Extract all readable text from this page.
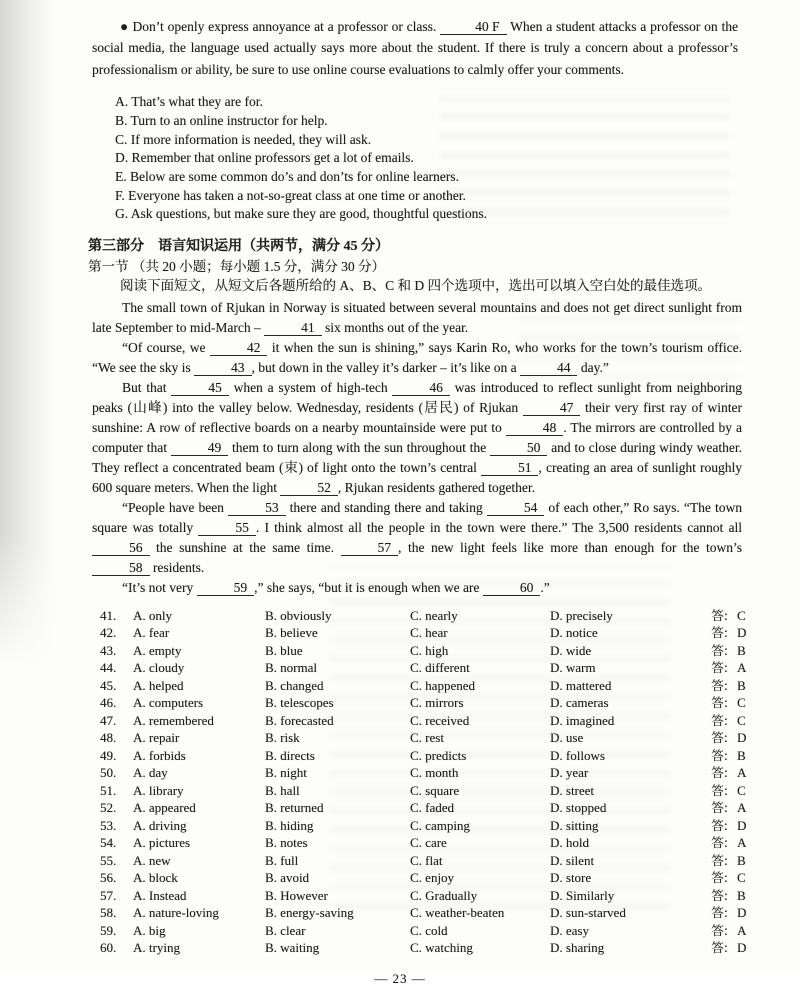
● Don’t openly express annoyance at a professor or class.	40 F When a student attacks a professor on the social media, the language used actually says more about the student. If there is truly a concern about a professor’s professionalism or ability, be sure to use online course evaluations to calmly offer your comments.

A. That’s what they are for.
B. Turn to an online instructor for help.
C. If more information is needed, they will ask.
D. Remember that online professors get a lot of emails.
E. Below are some common do’s and don’ts for online learners.
F. Everyone has taken a not-so-great class at one time or another.
G. Ask questions, but make sure they are good, thoughtful questions.
第三部分　语言知识运用（共两节，满分 45 分）
第一节 （共 20 小题；每小题 1.5 分，满分 30 分）
阅读下面短文，从短文后各题所给的 A、B、C 和 D 四个选项中，选出可以填入空白处的最佳选项。

The small town of Rjukan in Norway is situated between several mountains and does not get direct sunlight from late September to mid-March –	41 six months out of the year.

“Of course, we	42 it when the sun is shining,” says Karin Ro, who works for the town’s tourism office. “We see the sky is	43 , but down in the valley it’s darker – it’s like on a	44 day.”

But that	45 when a system of high-tech	46 was introduced to reflect sunlight from neighboring peaks (山峰) into the valley below. Wednesday, residents (居民) of Rjukan	47 their very first ray of winter sunshine: A row of reflective boards on a nearby mountainside were put to	48 . The mirrors are controlled by a computer that	49 them to turn along with the sun throughout the	50 and to close during windy weather. They reflect a concentrated beam (束) of light onto the town’s central	51 , creating an area of sunlight roughly 600 square meters. When the light	52 , Rjukan residents gathered together.

“People have been	53 there and standing there and taking	54 of each other,” Ro says. “The town square was totally	55 . I think almost all the people in the town were there.” The 3,500 residents cannot all 56 the sunshine at the same time.	57 , the new light feels like more than enough for the town’s 58 residents.

“It’s not very	59 ,” she says, “but it is enough when we are	60 .”

41.	A. only	B. obviously	C. nearly	D. precisely	答: C
42.	A. fear	B. believe	C. hear	D. notice	答: D
43.	A. empty	B. blue	C. high	D. wide	答: B
44.	A. cloudy	B. normal	C. different	D. warm	答: A
45.	A. helped	B. changed	C. happened	D. mattered	答: B
46.	A. computers	B. telescopes	C. mirrors	D. cameras	答: C
47.	A. remembered	B. forecasted	C. received	D. imagined	答: C
48.	A. repair	B. risk	C. rest	D. use	答: D
49.	A. forbids	B. directs	C. predicts	D. follows	答: B
50.	A. day	B. night	C. month	D. year	答: A
51.	A. library	B. hall	C. square	D. street	答: C
52.	A. appeared	B. returned	C. faded	D. stopped	答: A
53.	A. driving	B. hiding	C. camping	D. sitting	答: D
54.	A. pictures	B. notes	C. care	D. hold	答: A
55.	A. new	B. full	C. flat	D. silent	答: B
56.	A. block	B. avoid	C. enjoy	D. store	答: C
57.	A. Instead	B. However	C. Gradually	D. Similarly	答: B
58.	A. nature-loving	B. energy-saving	C. weather-beaten	D. sun-starved	答: D
59.	A. big	B. clear	C. cold	D. easy	答: A
60.	A. trying	B. waiting	C. watching	D. sharing	答: D
— 23 —
